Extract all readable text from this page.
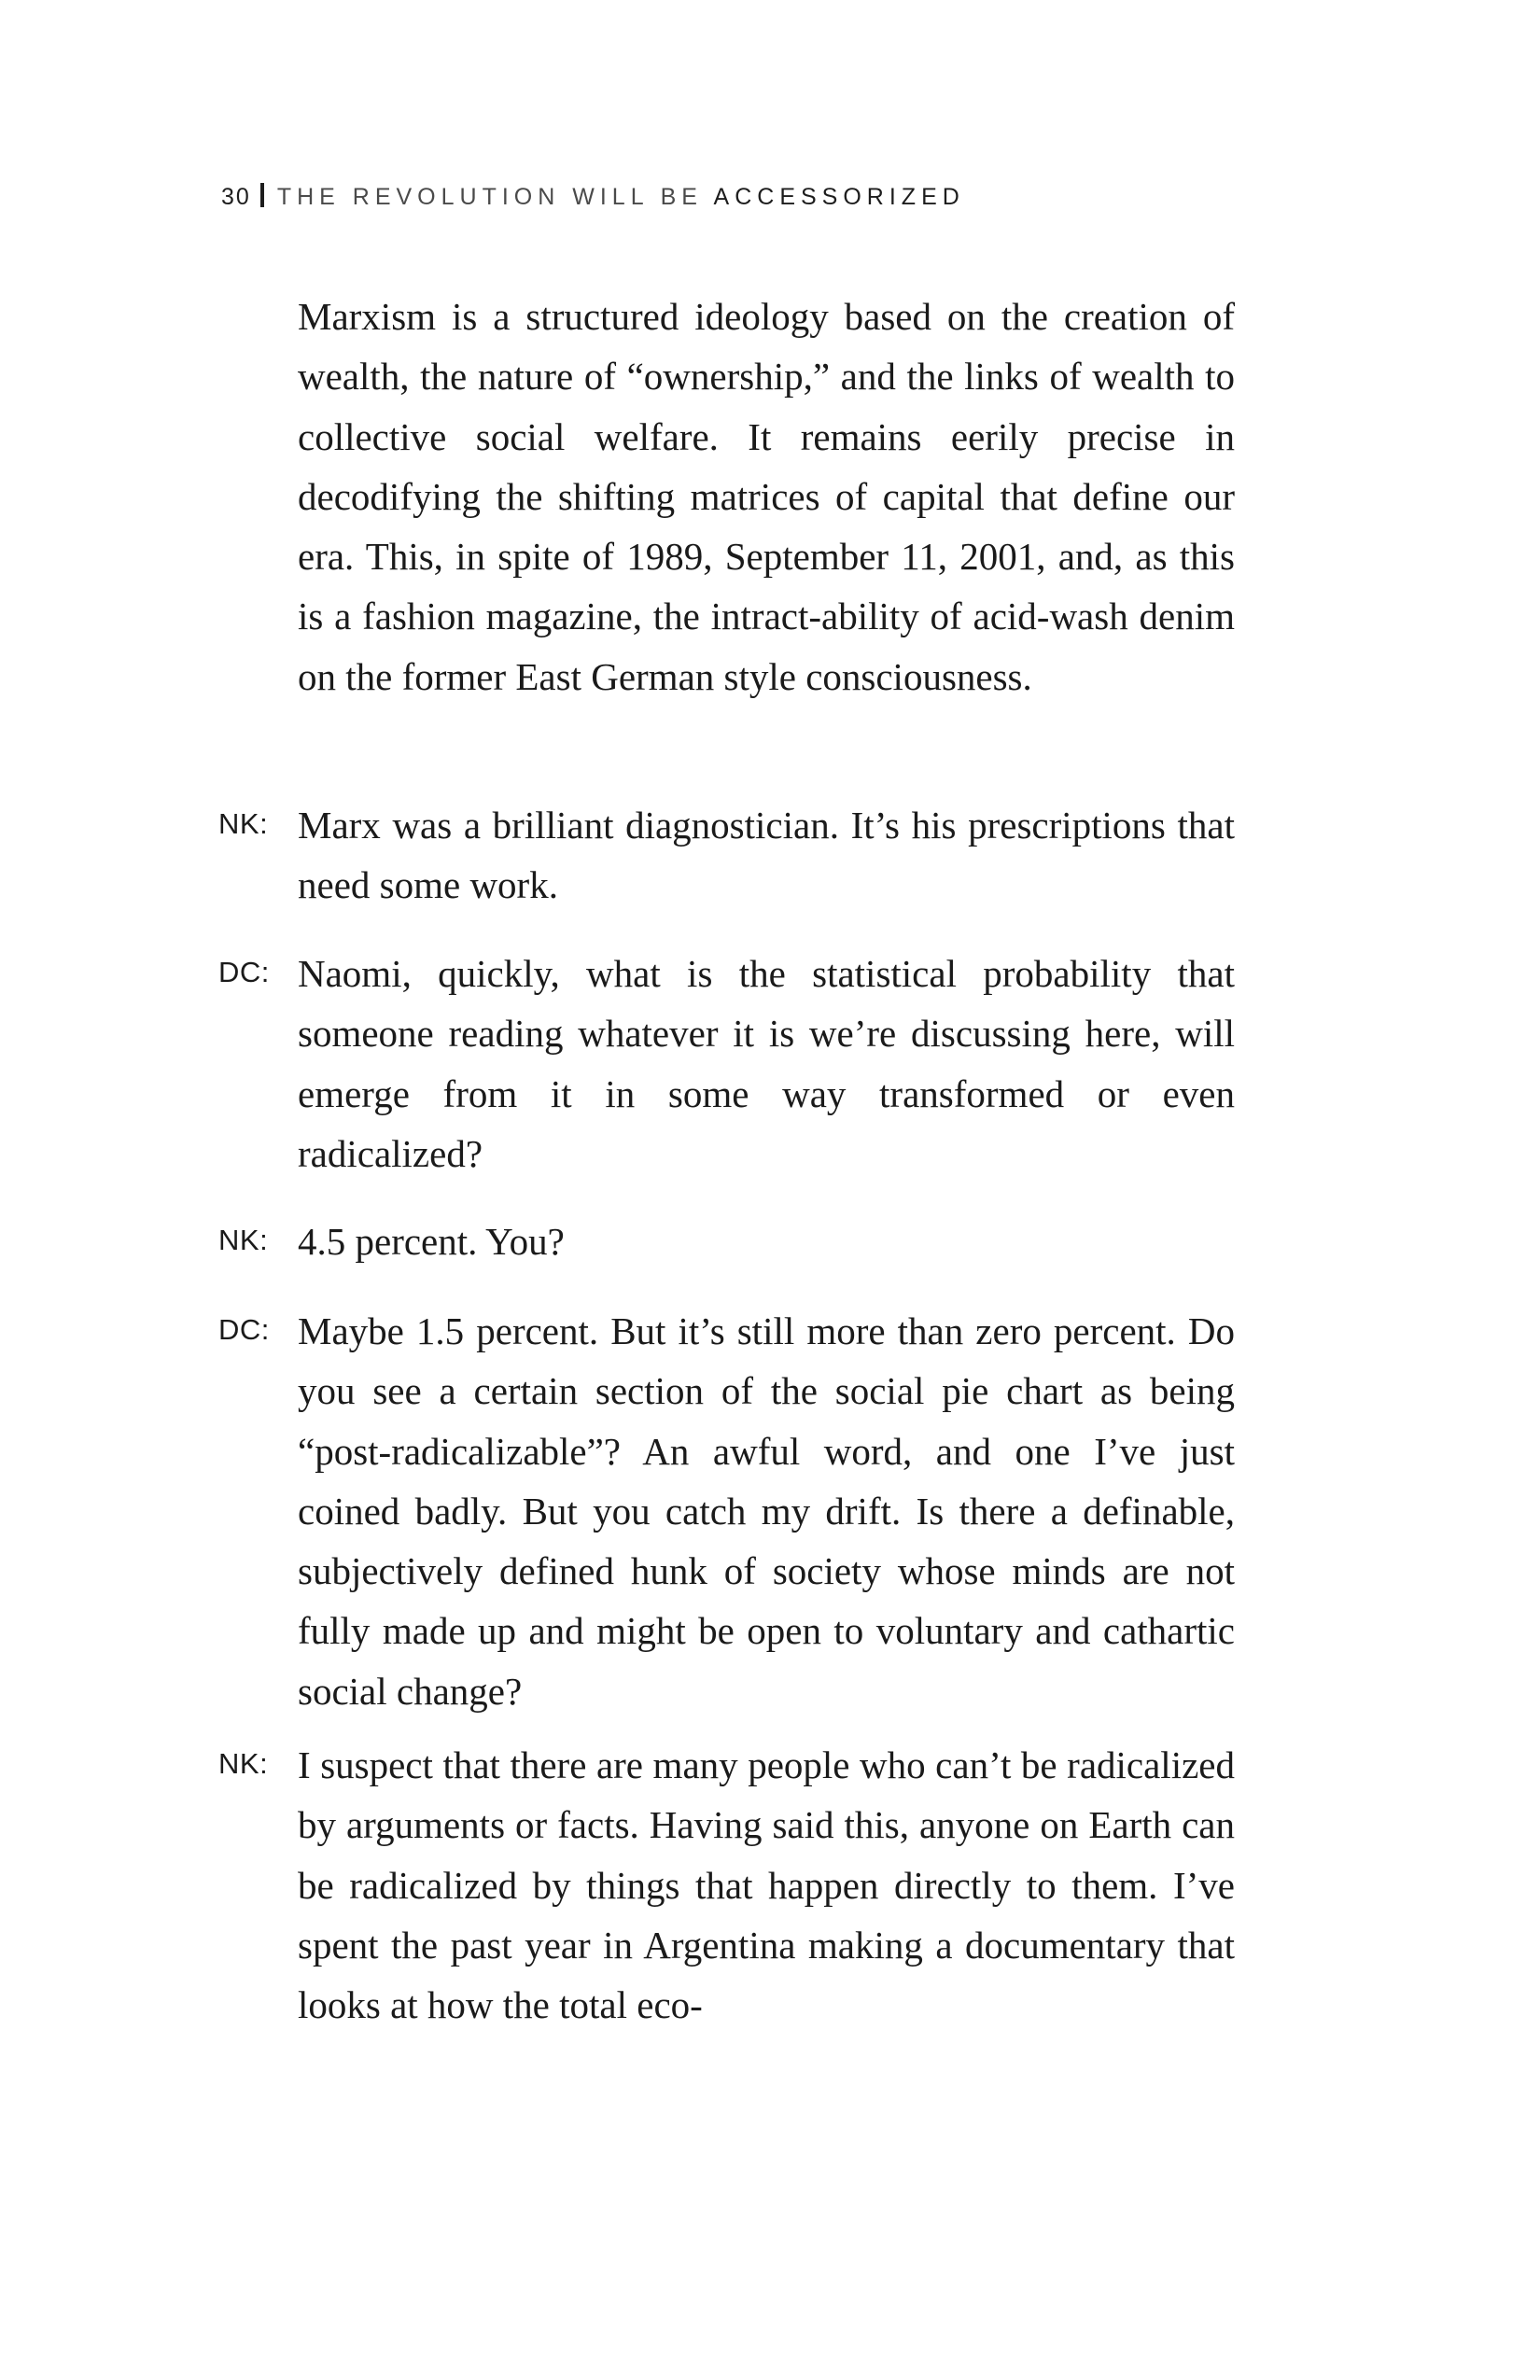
30 THE REVOLUTION WILL BE ACCESSORIZED

Marxism is a structured ideology based on the creation of wealth, the nature of “ownership,” and the links of wealth to collective social welfare. It remains eerily precise in decodifying the shifting matrices of capital that define our era. This, in spite of 1989, September 11, 2001, and, as this is a fashion magazine, the intract-ability of acid-wash denim on the former East German style consciousness.

NK: Marx was a brilliant diagnostician. It’s his prescriptions that need some work.

DC: Naomi, quickly, what is the statistical probability that someone reading whatever it is we’re discussing here, will emerge from it in some way transformed or even radicalized?

NK: 4.5 percent. You?

DC: Maybe 1.5 percent. But it’s still more than zero percent. Do you see a certain section of the social pie chart as being “post-radicalizable”? An awful word, and one I’ve just coined badly. But you catch my drift. Is there a definable, subjectively defined hunk of society whose minds are not fully made up and might be open to voluntary and cathartic social change?

NK: I suspect that there are many people who can’t be radicalized by arguments or facts. Having said this, anyone on Earth can be radicalized by things that happen directly to them. I’ve spent the past year in Argentina making a documentary that looks at how the total eco-
